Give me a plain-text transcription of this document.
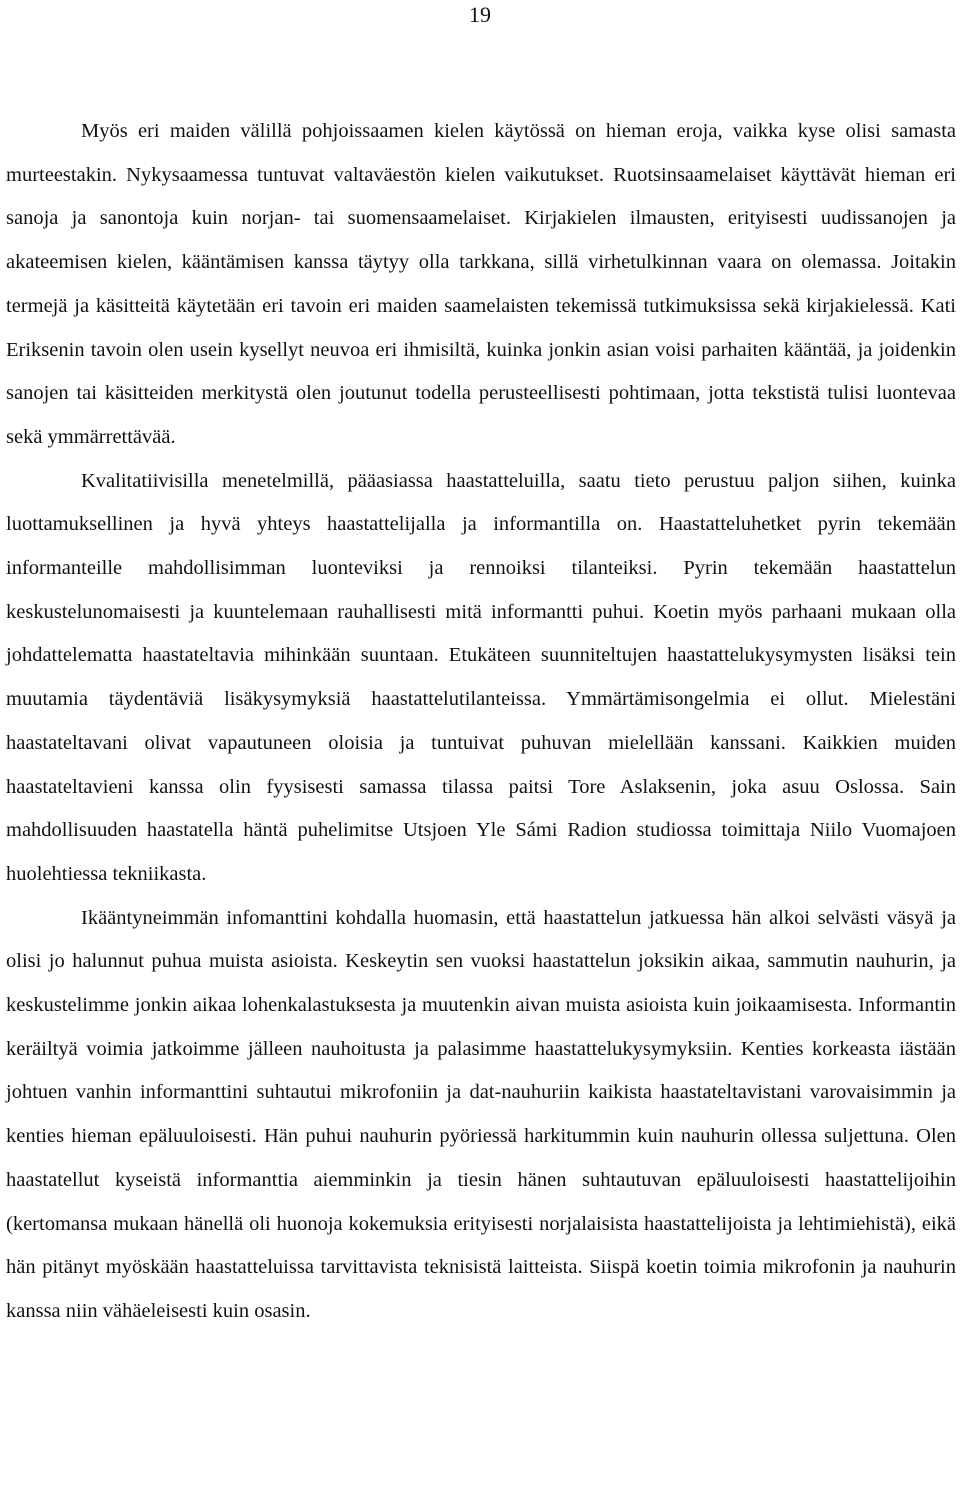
19

Myös eri maiden välillä pohjoissaamen kielen käytössä on hieman eroja, vaikka kyse olisi samasta murteestakin. Nykysaamessa tuntuvat valtaväestön kielen vaikutukset. Ruotsinsaamelaiset käyttävät hieman eri sanoja ja sanontoja kuin norjan- tai suomensaamelaiset. Kirjakielen ilmausten, erityisesti uudissanojen ja akateemisen kielen, kääntämisen kanssa täytyy olla tarkkana, sillä virhetulkinnan vaara on olemassa. Joitakin termejä ja käsitteitä käytetään eri tavoin eri maiden saamelaisten tekemissä tutkimuksissa sekä kirjakielessä. Kati Eriksenin tavoin olen usein kysellyt neuvoa eri ihmisiltä, kuinka jonkin asian voisi parhaiten kääntää, ja joidenkin sanojen tai käsitteiden merkitystä olen joutunut todella perusteellisesti pohtimaan, jotta tekstistä tulisi luontevaa sekä ymmärrettävää.

Kvalitatiivisilla menetelmillä, pääasiassa haastatteluilla, saatu tieto perustuu paljon siihen, kuinka luottamuksellinen ja hyvä yhteys haastattelijalla ja informantilla on. Haastatteluhetket pyrin tekemään informanteille mahdollisimman luonteviksi ja rennoiksi tilanteiksi. Pyrin tekemään haastattelun keskustelunomaisesti ja kuuntelemaan rauhallisesti mitä informantti puhui. Koetin myös parhaani mukaan olla johdattelematta haastateltavia mihinkään suuntaan. Etukäteen suunniteltujen haastattelukysymysten lisäksi tein muutamia täydentäviä lisäkysymyksiä haastattelutilanteissa. Ymmärtämisongelmia ei ollut. Mielestäni haastateltavani olivat vapautuneen oloisia ja tuntuivat puhuvan mielellään kanssani. Kaikkien muiden haastateltavieni kanssa olin fyysisesti samassa tilassa paitsi Tore Aslaksenin, joka asuu Oslossa. Sain mahdollisuuden haastatella häntä puhelimitse Utsjoen Yle Sámi Radion studiossa toimittaja Niilo Vuomajoen huolehtiessa tekniikasta.

Ikääntyneimmän infomanttini kohdalla huomasin, että haastattelun jatkuessa hän alkoi selvästi väsyä ja olisi jo halunnut puhua muista asioista. Keskeytin sen vuoksi haastattelun joksikin aikaa, sammutin nauhurin, ja keskustelimme jonkin aikaa lohenkalastuksesta ja muutenkin aivan muista asioista kuin joikaamisesta. Informantin keräiltyä voimia jatkoimme jälleen nauhoitusta ja palasimme haastattelukysymyksiin. Kenties korkeasta iästään johtuen vanhin informanttini suhtautui mikrofoniin ja dat-nauhuriin kaikista haastateltavistani varovaisimmin ja kenties hieman epäluuloisesti. Hän puhui nauhurin pyöriessä harkitummin kuin nauhurin ollessa suljettuna. Olen haastatellut kyseistä informanttia aiemminkin ja tiesin hänen suhtautuvan epäluuloisesti haastattelijoihin (kertomansa mukaan hänellä oli huonoja kokemuksia erityisesti norjalaisista haastattelijoista ja lehtimiehistä), eikä hän pitänyt myöskään haastatteluissa tarvittavista teknisistä laitteista. Siispä koetin toimia mikrofonin ja nauhurin kanssa niin vähäeleisesti kuin osasin.
